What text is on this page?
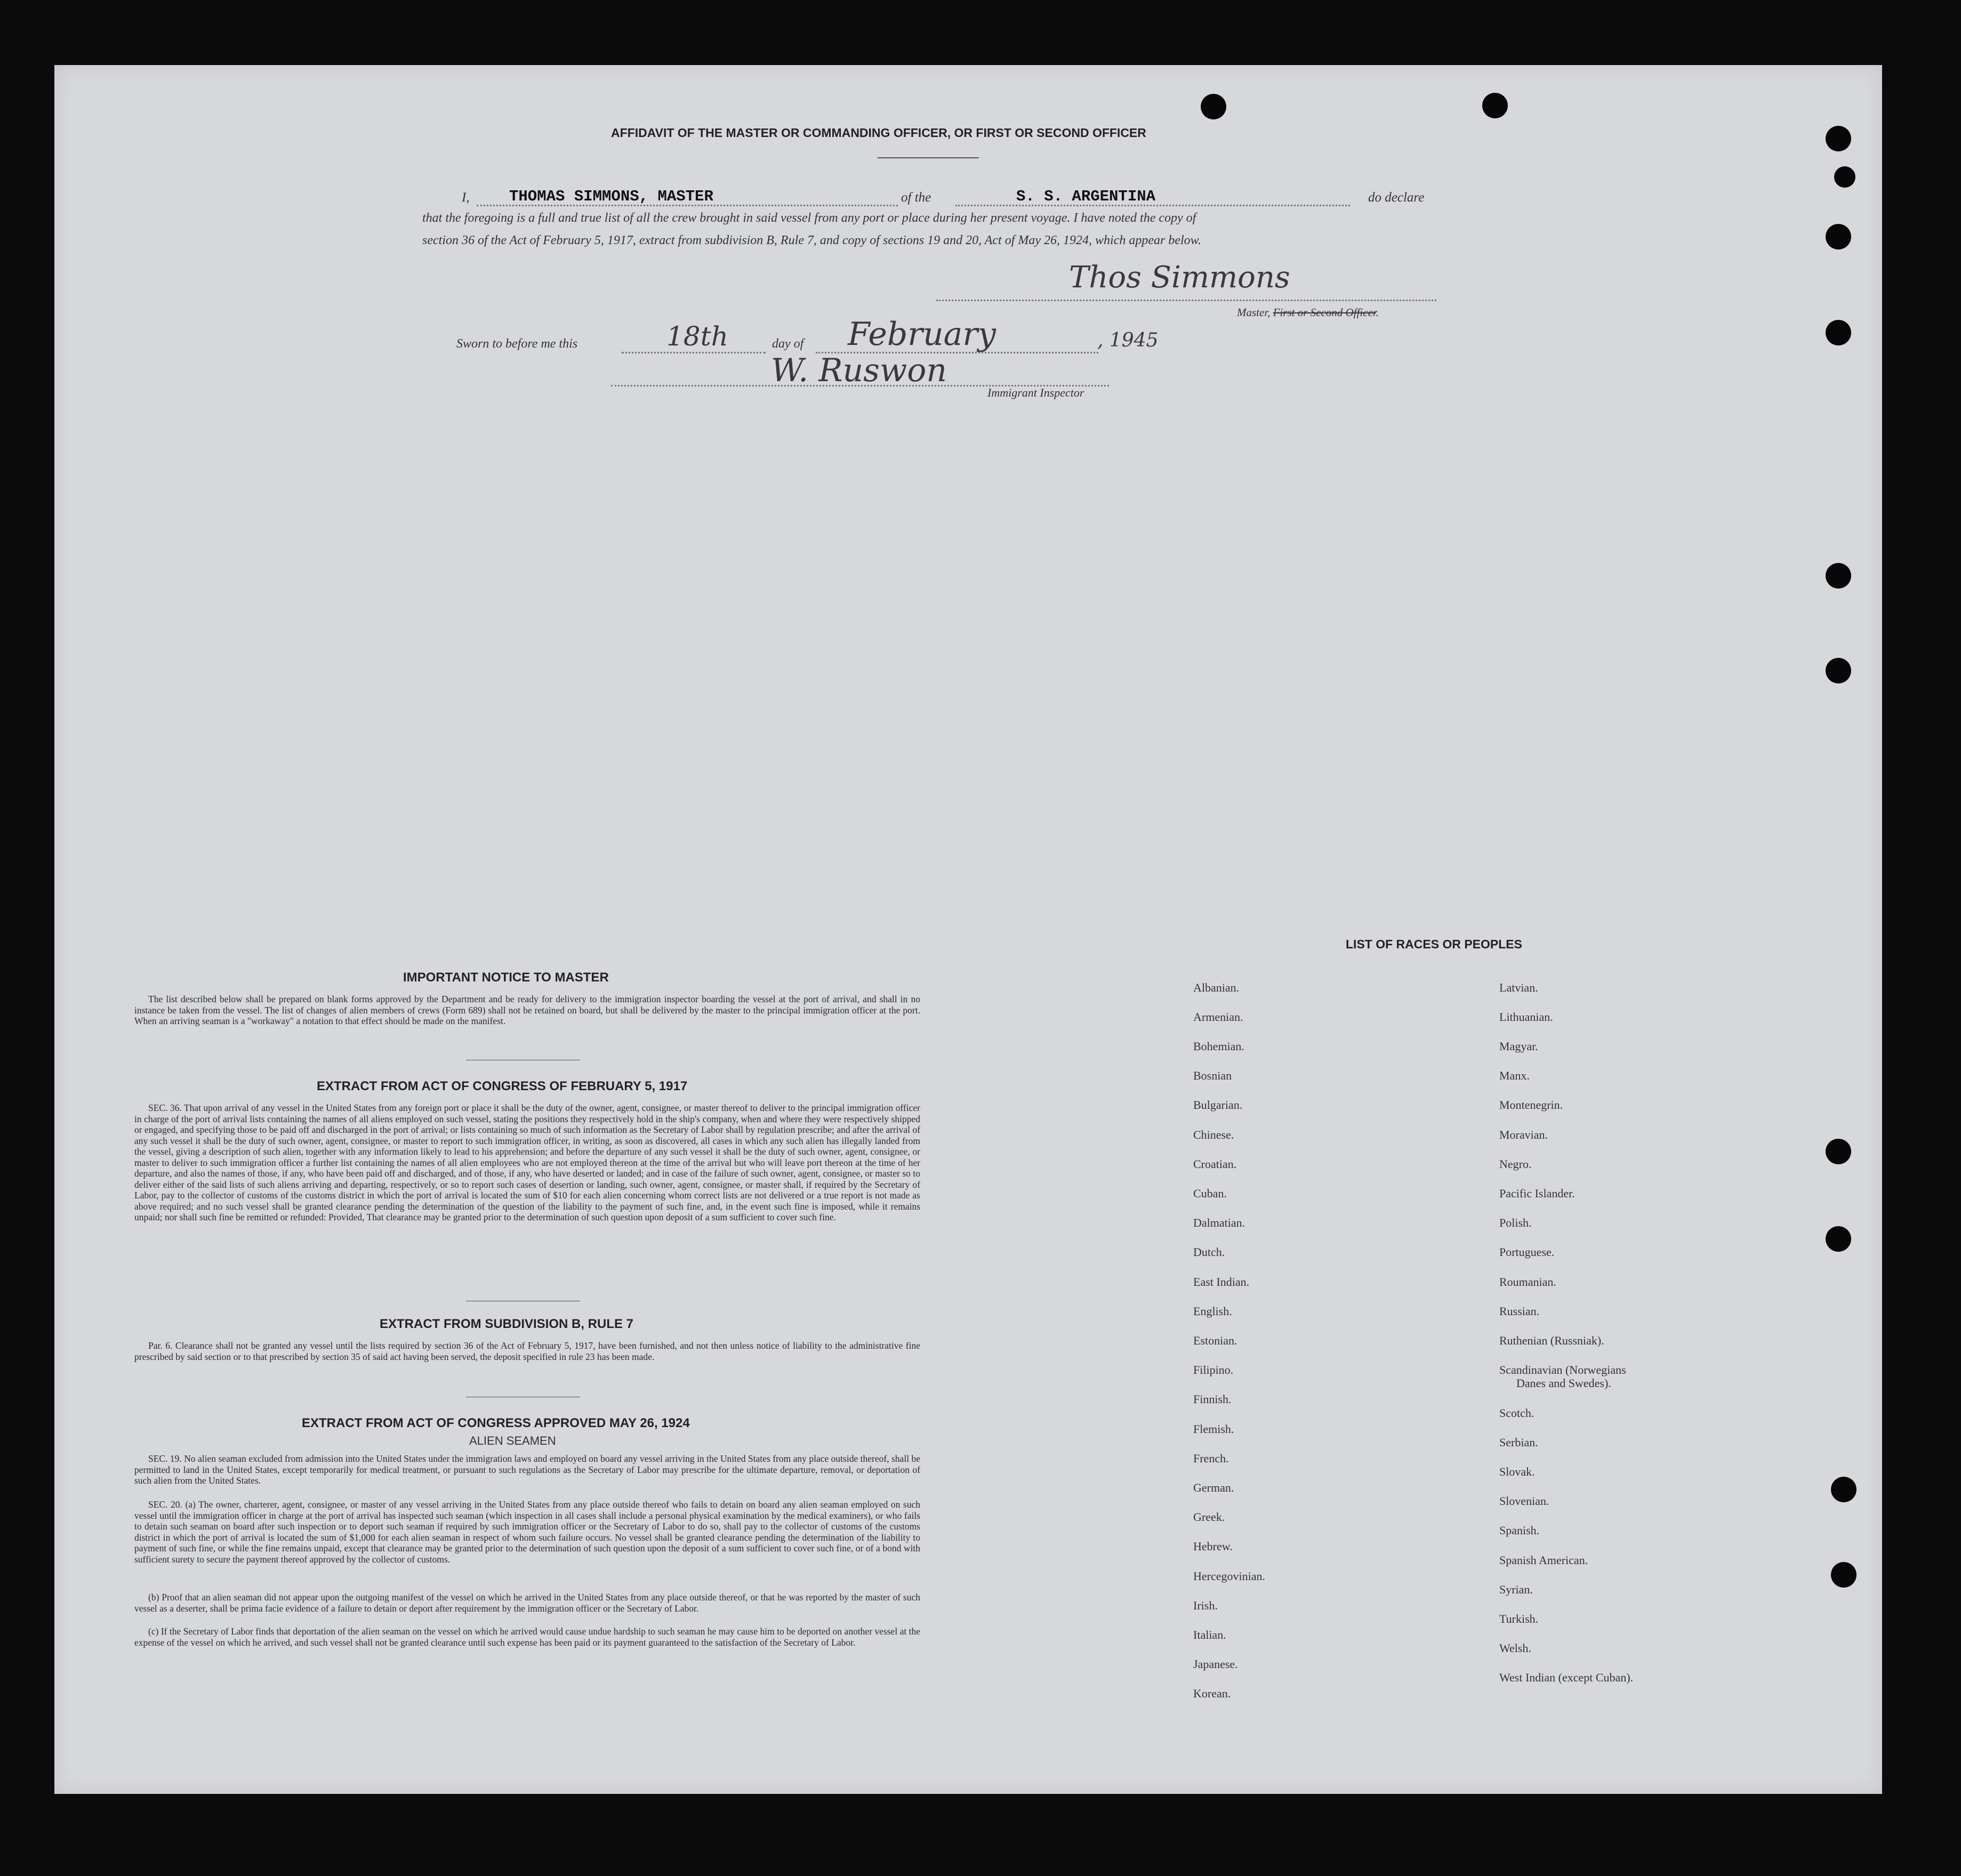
AFFIDAVIT OF THE MASTER OR COMMANDING OFFICER, OR FIRST OR SECOND OFFICER
I,	THOMAS SIMMONS, MASTER	of the	S. S. ARGENTINA	do declare
that the foregoing is a full and true list of all the crew brought in said vessel from any port or place during her present voyage. I have noted the copy of
section 36 of the Act of February 5, 1917, extract from subdivision B, Rule 7, and copy of sections 19 and 20, Act of May 26, 1924, which appear below.
Thos Simmons
Master, First or Second Officer.
Sworn to before me this	18th	day of February	, 1945
W. Ruswon
Immigrant Inspector
IMPORTANT NOTICE TO MASTER
The list described below shall be prepared on blank forms approved by the Department and be ready for delivery to the immigration inspector boarding the vessel at the port of arrival, and shall in no instance be taken from the vessel. The list of changes of alien members of crews (Form 689) shall not be retained on board, but shall be delivered by the master to the principal immigration officer at the port. When an arriving seaman is a "workaway" a notation to that effect should be made on the manifest.
EXTRACT FROM ACT OF CONGRESS OF FEBRUARY 5, 1917
SEC. 36. That upon arrival of any vessel in the United States from any foreign port or place it shall be the duty of the owner, agent, consignee, or master thereof to deliver to the principal immigration officer in charge of the port of arrival lists containing the names of all aliens employed on such vessel, stating the positions they respectively hold in the ship's company, when and where they were respectively shipped or engaged, and specifying those to be paid off and discharged in the port of arrival; or lists containing so much of such information as the Secretary of Labor shall by regulation prescribe; and after the arrival of any such vessel it shall be the duty of such owner, agent, consignee, or master to report to such immigration officer, in writing, as soon as discovered, all cases in which any such alien has illegally landed from the vessel, giving a description of such alien, together with any information likely to lead to his apprehension; and before the departure of any such vessel it shall be the duty of such owner, agent, consignee, or master to deliver to such immigration officer a further list containing the names of all alien employees who are not employed thereon at the time of the arrival but who will leave port thereon at the time of her departure, and also the names of those, if any, who have been paid off and discharged, and of those, if any, who have deserted or landed; and in case of the failure of such owner, agent, consignee, or master so to deliver either of the said lists of such aliens arriving and departing, respectively, or so to report such cases of desertion or landing, such owner, agent, consignee, or master shall, if required by the Secretary of Labor, pay to the collector of customs of the customs district in which the port of arrival is located the sum of $10 for each alien concerning whom correct lists are not delivered or a true report is not made as above required; and no such vessel shall be granted clearance pending the determination of the question of the liability to the payment of such fine, and, in the event such fine is imposed, while it remains unpaid; nor shall such fine be remitted or refunded: Provided, That clearance may be granted prior to the determination of such question upon deposit of a sum sufficient to cover such fine.
EXTRACT FROM SUBDIVISION B, RULE 7
Par. 6. Clearance shall not be granted any vessel until the lists required by section 36 of the Act of February 5, 1917, have been furnished, and not then unless notice of liability to the administrative fine prescribed by said section or to that prescribed by section 35 of said act having been served, the deposit specified in rule 23 has been made.
EXTRACT FROM ACT OF CONGRESS APPROVED MAY 26, 1924
ALIEN SEAMEN
SEC. 19. No alien seaman excluded from admission into the United States under the immigration laws and employed on board any vessel arriving in the United States from any place outside thereof, shall be permitted to land in the United States, except temporarily for medical treatment, or pursuant to such regulations as the Secretary of Labor may prescribe for the ultimate departure, removal, or deportation of such alien from the United States.
SEC. 20. (a) The owner, charterer, agent, consignee, or master of any vessel arriving in the United States from any place outside thereof who fails to detain on board any alien seaman employed on such vessel until the immigration officer in charge at the port of arrival has inspected such seaman (which inspection in all cases shall include a personal physical examination by the medical examiners), or who fails to detain such seaman on board after such inspection or to deport such seaman if required by such immigration officer or the Secretary of Labor to do so, shall pay to the collector of customs of the customs district in which the port of arrival is located the sum of $1,000 for each alien seaman in respect of whom such failure occurs. No vessel shall be granted clearance pending the determination of the liability to payment of such fine, or while the fine remains unpaid, except that clearance may be granted prior to the determination of such question upon the deposit of a sum sufficient to cover such fine, or of a bond with sufficient surety to secure the payment thereof approved by the collector of customs.
(b) Proof that an alien seaman did not appear upon the outgoing manifest of the vessel on which he arrived in the United States from any place outside thereof, or that he was reported by the master of such vessel as a deserter, shall be prima facie evidence of a failure to detain or deport after requirement by the immigration officer or the Secretary of Labor.
(c) If the Secretary of Labor finds that deportation of the alien seaman on the vessel on which he arrived would cause undue hardship to such seaman he may cause him to be deported on another vessel at the expense of the vessel on which he arrived, and such vessel shall not be granted clearance until such expense has been paid or its payment guaranteed to the satisfaction of the Secretary of Labor.
LIST OF RACES OR PEOPLES
Albanian.
Armenian.
Bohemian.
Bosnian
Bulgarian.
Chinese.
Croatian.
Cuban.
Dalmatian.
Dutch.
East Indian.
English.
Estonian.
Filipino.
Finnish.
Flemish.
French.
German.
Greek.
Hebrew.
Hercegovinian.
Irish.
Italian.
Japanese.
Korean.
Latvian.
Lithuanian.
Magyar.
Manx.
Montenegrin.
Moravian.
Negro.
Pacific Islander.
Polish.
Portuguese.
Roumanian.
Russian.
Ruthenian (Russniak).
Scandinavian (Norwegians
Danes and Swedes).
Scotch.
Serbian.
Slovak.
Slovenian.
Spanish.
Spanish American.
Syrian.
Turkish.
Welsh.
West Indian (except Cuban).
